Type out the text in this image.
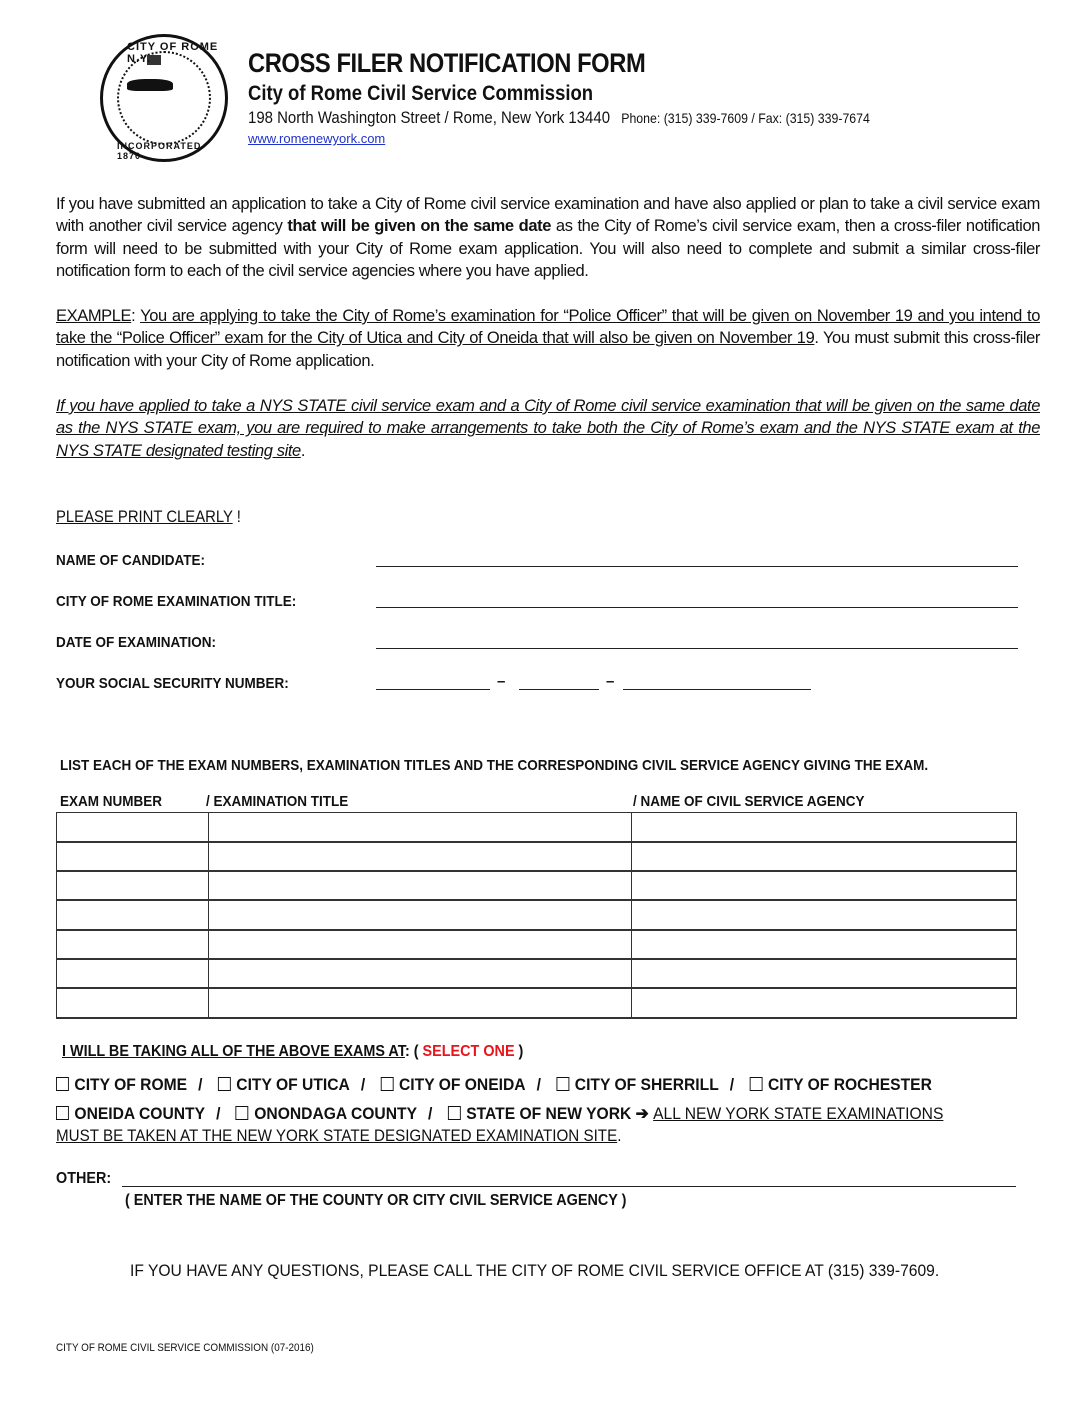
CITY OF ROME N.Y.
INCORPORATED 1870
CROSS FILER NOTIFICATION FORM
City of Rome Civil Service Commission
198 North Washington Street / Rome, New York 13440 Phone: (315) 339-7609 / Fax: (315) 339-7674
www.romenewyork.com
If you have submitted an application to take a City of Rome civil service examination and have also applied or plan to take a civil service exam with another civil service agency that will be given on the same date as the City of Rome’s civil service exam, then a cross-filer notification form will need to be submitted with your City of Rome exam application. You will also need to complete and submit a similar cross-filer notification form to each of the civil service agencies where you have applied.
EXAMPLE: You are applying to take the City of Rome’s examination for “Police Officer” that will be given on November 19 and you intend to take the “Police Officer” exam for the City of Utica and City of Oneida that will also be given on November 19. You must submit this cross-filer notification with your City of Rome application.
If you have applied to take a NYS STATE civil service exam and a City of Rome civil service examination that will be given on the same date as the NYS STATE exam, you are required to make arrangements to take both the City of Rome’s exam and the NYS STATE exam at the NYS STATE designated testing site.
PLEASE PRINT CLEARLY !
NAME OF CANDIDATE:
CITY OF ROME EXAMINATION TITLE:
DATE OF EXAMINATION:
YOUR SOCIAL SECURITY NUMBER:	–	–
LIST EACH OF THE EXAM NUMBERS, EXAMINATION TITLES AND THE CORRESPONDING CIVIL SERVICE AGENCY GIVING THE EXAM.
EXAM NUMBER	/ EXAMINATION TITLE	/ NAME OF CIVIL SERVICE AGENCY

I WILL BE TAKING ALL OF THE ABOVE EXAMS AT: ( SELECT ONE )
CITY OF ROME / CITY OF UTICA / CITY OF ONEIDA / CITY OF SHERRILL / CITY OF ROCHESTER
ONEIDA COUNTY / ONONDAGA COUNTY / STATE OF NEW YORK ➔ ALL NEW YORK STATE EXAMINATIONS
MUST BE TAKEN AT THE NEW YORK STATE DESIGNATED EXAMINATION SITE.
OTHER:
( ENTER THE NAME OF THE COUNTY OR CITY CIVIL SERVICE AGENCY )
IF YOU HAVE ANY QUESTIONS, PLEASE CALL THE CITY OF ROME CIVIL SERVICE OFFICE AT (315) 339-7609.
CITY OF ROME CIVIL SERVICE COMMISSION (07-2016)
